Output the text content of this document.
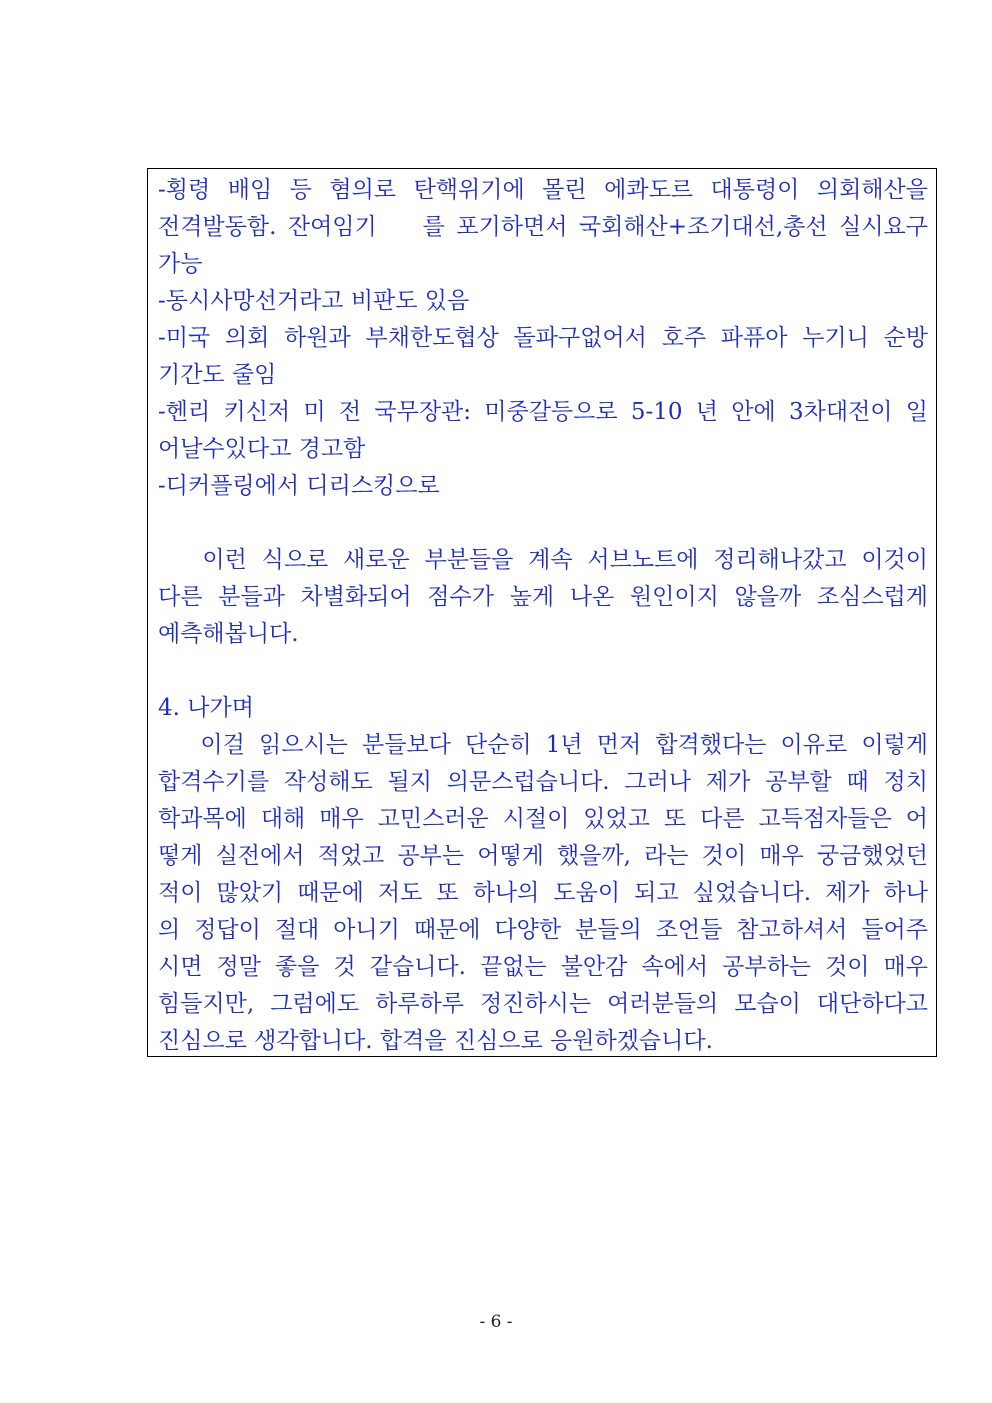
-횡령 배임 등 혐의로 탄핵위기에 몰린 에콰도르 대통령이 의회해산을
전격발동함. 잔여임기    를 포기하면서 국회해산+조기대선,총선 실시요구
가능
-동시사망선거라고 비판도 있음
-미국 의회 하원과 부채한도협상 돌파구없어서 호주 파퓨아 누기니 순방
기간도 줄임
-헨리 키신저 미 전 국무장관: 미중갈등으로 5-10 년 안에 3차대전이 일
어날수있다고 경고함
-디커플링에서 디리스킹으로
이런 식으로 새로운 부분들을 계속 서브노트에 정리해나갔고 이것이
다른 분들과 차별화되어 점수가 높게 나온 원인이지 않을까 조심스럽게
예측해봅니다.
4. 나가며
이걸 읽으시는 분들보다 단순히 1년 먼저 합격했다는 이유로 이렇게
합격수기를 작성해도 될지 의문스럽습니다. 그러나 제가 공부할 때 정치
학과목에 대해 매우 고민스러운 시절이 있었고 또 다른 고득점자들은 어
떻게 실전에서 적었고 공부는 어떻게 했을까, 라는 것이 매우 궁금했었던
적이 많았기 때문에 저도 또 하나의 도움이 되고 싶었습니다. 제가 하나
의 정답이 절대 아니기 때문에 다양한 분들의 조언들 참고하셔서 들어주
시면 정말 좋을 것 같습니다. 끝없는 불안감 속에서 공부하는 것이 매우
힘들지만, 그럼에도 하루하루 정진하시는 여러분들의 모습이 대단하다고
진심으로 생각합니다. 합격을 진심으로 응원하겠습니다.
- 6 -
